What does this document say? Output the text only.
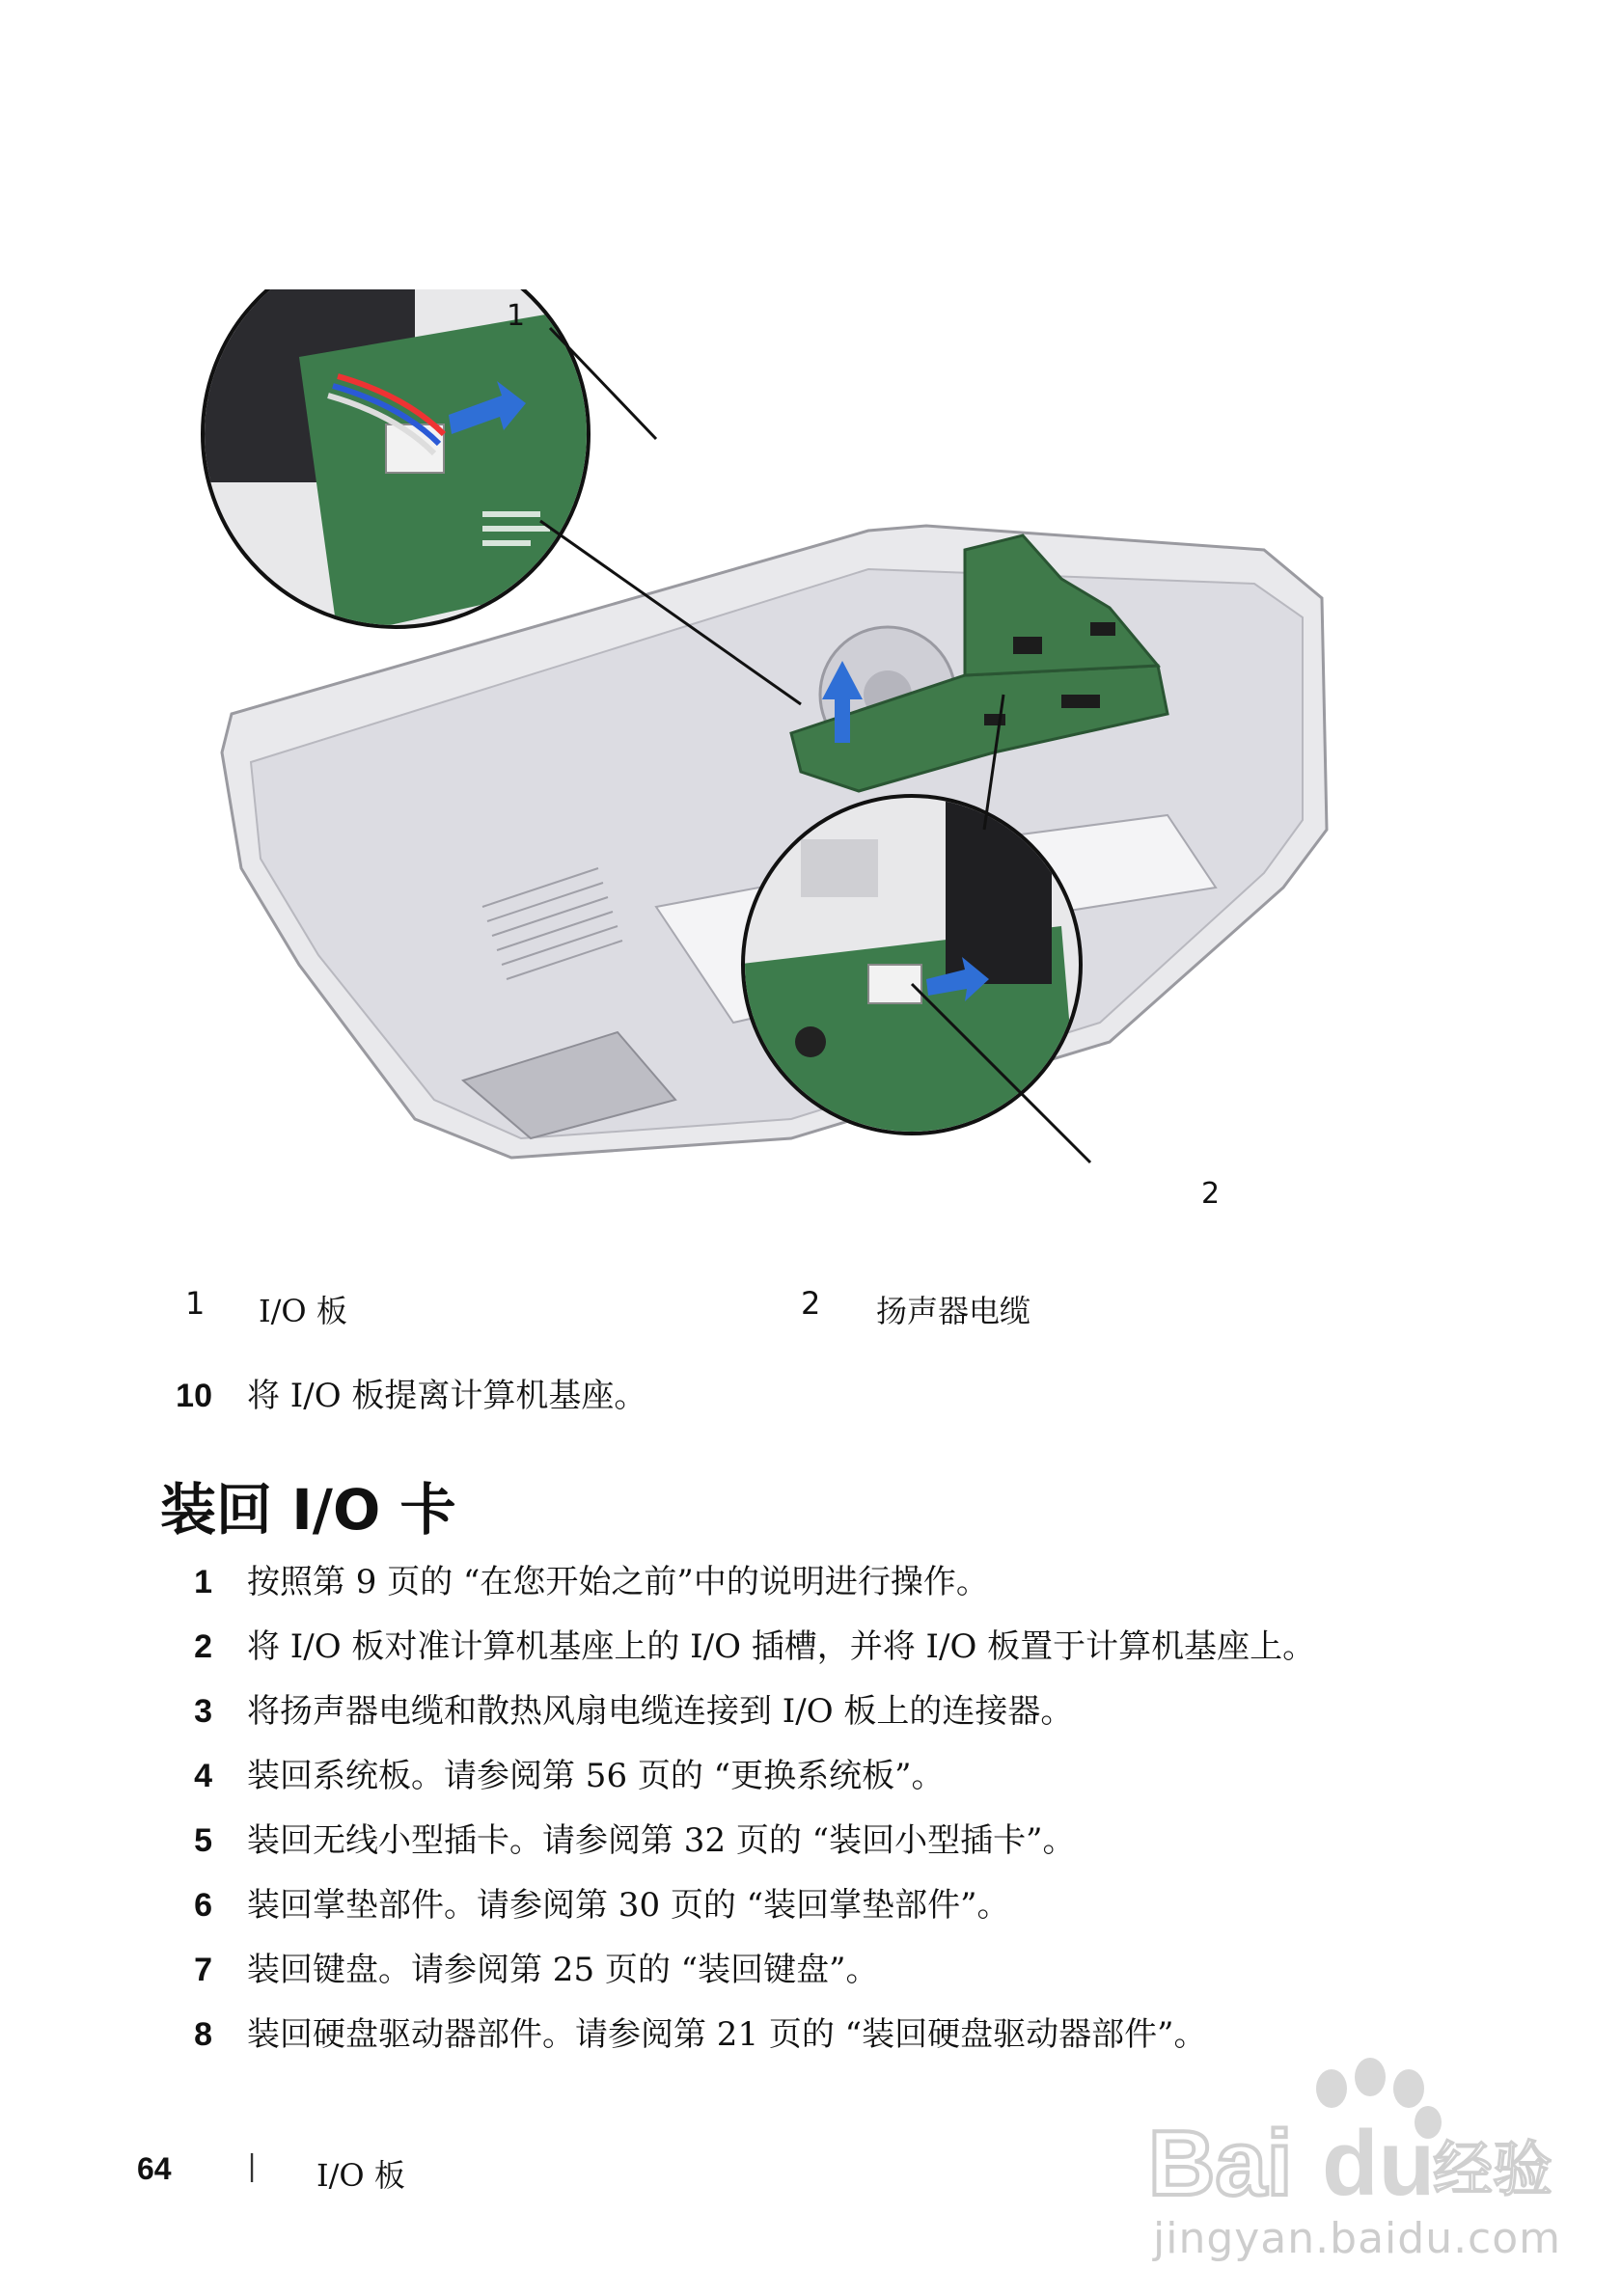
1
2
1 I/O 板	2 扬声器电缆
10 将 I/O 板提离计算机基座。
装回 I/O 卡
1 按照第 9 页的 “在您开始之前”中的说明进行操作。
2 将 I/O 板对准计算机基座上的 I/O 插槽，并将 I/O 板置于计算机基座上。
3 将扬声器电缆和散热风扇电缆连接到 I/O 板上的连接器。
4 装回系统板。请参阅第 56 页的 “更换系统板”。
5 装回无线小型插卡。请参阅第 32 页的 “装回小型插卡”。
6 装回掌垫部件。请参阅第 30 页的 “装回掌垫部件”。
7 装回键盘。请参阅第 25 页的 “装回键盘”。
8 装回硬盘驱动器部件。请参阅第 21 页的 “装回硬盘驱动器部件”。
64	| I/O 板	Bai du
经验
jingyan.baidu.com
